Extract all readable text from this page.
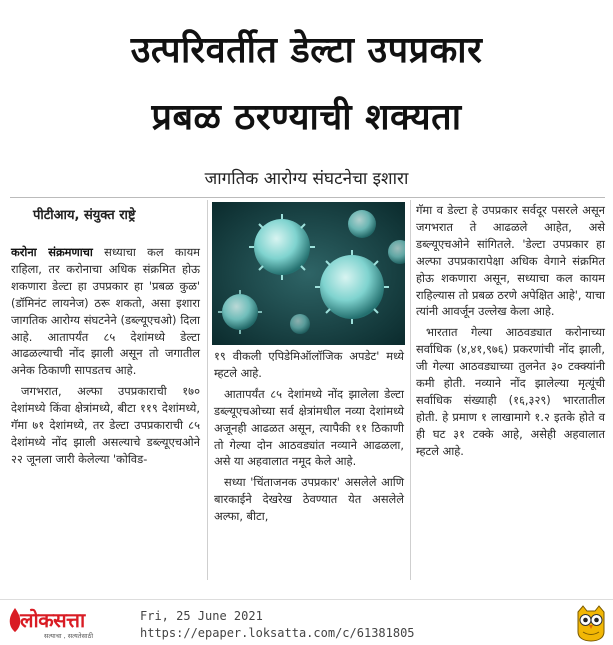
उत्परिवर्तीत डेल्टा उपप्रकार
प्रबळ ठरण्याची शक्यता
जागतिक आरोग्य संघटनेचा इशारा
पीटीआय, संयुक्त राष्ट्रे

करोना संक्रमणाचा सध्याचा कल कायम राहिला, तर करोनाचा अधिक संक्रमित होऊ शकणारा डेल्टा हा उपप्रकार हा 'प्रबळ कुळ' (डॉमिनंट लायनेज) ठरू शकतो, असा इशारा जागतिक आरोग्य संघटनेने (डब्ल्यूएचओ) दिला आहे. आतापर्यंत ८५ देशांमध्ये डेल्टा आढळल्याची नोंद झाली असून तो जगातील अनेक ठिकाणी सापडतच आहे.

जगभरात, अल्फा उपप्रकाराची १७० देशांमध्ये किंवा क्षेत्रांमध्ये, बीटा ११९ देशांमध्ये, गॅमा ७१ देशांमध्ये, तर डेल्टा उपप्रकाराची ८५ देशांमध्ये नोंद झाली असल्याचे डब्ल्यूएचओने २२ जूनला जारी केलेल्या 'कोविड-

१९ वीकली एपिडेमिऑलॉजिक अपडेट' मध्ये म्हटले आहे.

आतापर्यंत ८५ देशांमध्ये नोंद झालेला डेल्टा डब्ल्यूएचओच्या सर्व क्षेत्रांमधील नव्या देशांमध्ये अजूनही आढळत असून, त्यापैकी ११ ठिकाणी तो गेल्या दोन आठवड्यांत नव्याने आढळला, असे या अहवालात नमूद केले आहे.

सध्या 'चिंताजनक उपप्रकार' असलेले आणि बारकाईने देखरेख ठेवण्यात येत असलेले अल्फा, बीटा,

गॅमा व डेल्टा हे उपप्रकार सर्वदूर पसरले असून जगभरात ते आढळले आहेत, असे डब्ल्यूएचओने सांगितले. 'डेल्टा उपप्रकार हा अल्फा उपप्रकारापेक्षा अधिक वेगाने संक्रमित होऊ शकणारा असून, सध्याचा कल कायम राहिल्यास तो प्रबळ ठरणे अपेक्षित आहे', याचा त्यांनी आवर्जून उल्लेख केला आहे.

भारतात गेल्या आठवड्यात करोनाच्या सर्वाधिक (४,४१,९७६) प्रकरणांची नोंद झाली, जी गेल्या आठवड्याच्या तुलनेत ३० टक्क्यांनी कमी होती. नव्याने नोंद झालेल्या मृत्यूंची सर्वाधिक संख्याही (१६,३२९) भारतातील होती. हे प्रमाण १ लाखामागे १.२ इतके होते व ही घट ३१ टक्के आहे, असेही अहवालात म्हटले आहे.

लोकसत्ता
सत्याचा , सत्यतेसाठी
Fri, 25 June 2021
https://epaper.loksatta.com/c/61381805
